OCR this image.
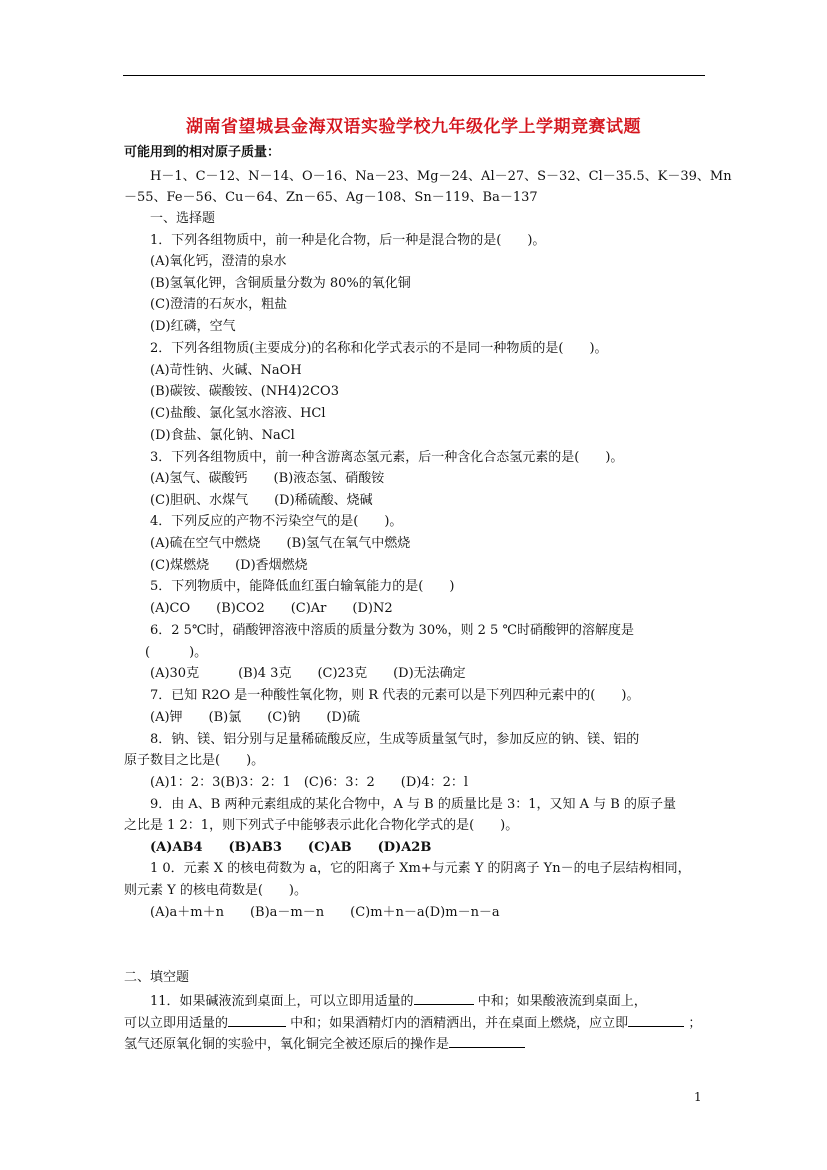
湖南省望城县金海双语实验学校九年级化学上学期竞赛试题
可能用到的相对原子质量：
H－1、C－12、N－14、O－16、Na－23、Mg－24、Al－27、S－32、Cl－35.5、K－39、Mn
－55、Fe－56、Cu－64、Zn－65、Ag－108、Sn－119、Ba－137
一、选择题
1．下列各组物质中，前一种是化合物，后一种是混合物的是(　　)。
(A)氧化钙，澄清的泉水
(B)氢氧化钾，含铜质量分数为 80%的氧化铜
(C)澄清的石灰水，粗盐
(D)红磷，空气
2．下列各组物质(主要成分)的名称和化学式表示的不是同一种物质的是(　　)。
(A)苛性钠、火碱、NaOH
(B)碳铵、碳酸铵、(NH4)2CO3
(C)盐酸、氯化氢水溶液、HCl
(D)食盐、氯化钠、NaCl
3．下列各组物质中，前一种含游离态氢元素，后一种含化合态氢元素的是(　　)。
(A)氢气、碳酸钙　　(B)液态氢、硝酸铵
(C)胆矾、水煤气　　(D)稀硫酸、烧碱
4．下列反应的产物不污染空气的是(　　)。
(A)硫在空气中燃烧　　(B)氢气在氧气中燃烧
(C)煤燃烧　　(D)香烟燃烧
5．下列物质中，能降低血红蛋白输氧能力的是(　　)
(A)CO　　(B)CO2　　(C)Ar　　(D)N2
6．2 5℃时，硝酸钾溶液中溶质的质量分数为 30%，则 2 5 ℃时硝酸钾的溶解度是
(　　　)。
(A)30克　　　(B)4 3克　　(C)23克　　(D)无法确定
7．已知 R2O 是一种酸性氧化物，则 R 代表的元素可以是下列四种元素中的(　　)。
(A)钾　　(B)氯　　(C)钠　　(D)硫
8．钠、镁、铝分别与足量稀硫酸反应，生成等质量氢气时，参加反应的钠、镁、铝的
原子数目之比是(　　)。
(A)1：2：3(B)3：2：1　(C)6：3：2　　(D)4：2：l
9．由 A、B 两种元素组成的某化合物中，A 与 B 的质量比是 3：1，又知 A 与 B 的原子量
之比是 1 2：1，则下列式子中能够表示此化合物化学式的是(　　)。
(A)AB4　　(B)AB3　　(C)AB　　(D)A2B
1 0．元素 X 的核电荷数为 a，它的阳离子 Xm+与元素 Y 的阴离子 Yn－的电子层结构相同，
则元素 Y 的核电荷数是(　　)。
(A)a＋m＋n　　(B)a－m－n　　(C)m＋n－a(D)m－n－a
二、填空题
11．如果碱液流到桌面上，可以立即用适量的	中和；如果酸液流到桌面上，
可以立即用适量的	中和；如果酒精灯内的酒精洒出，并在桌面上燃烧，应立即	；
氢气还原氧化铜的实验中，氧化铜完全被还原后的操作是
1
